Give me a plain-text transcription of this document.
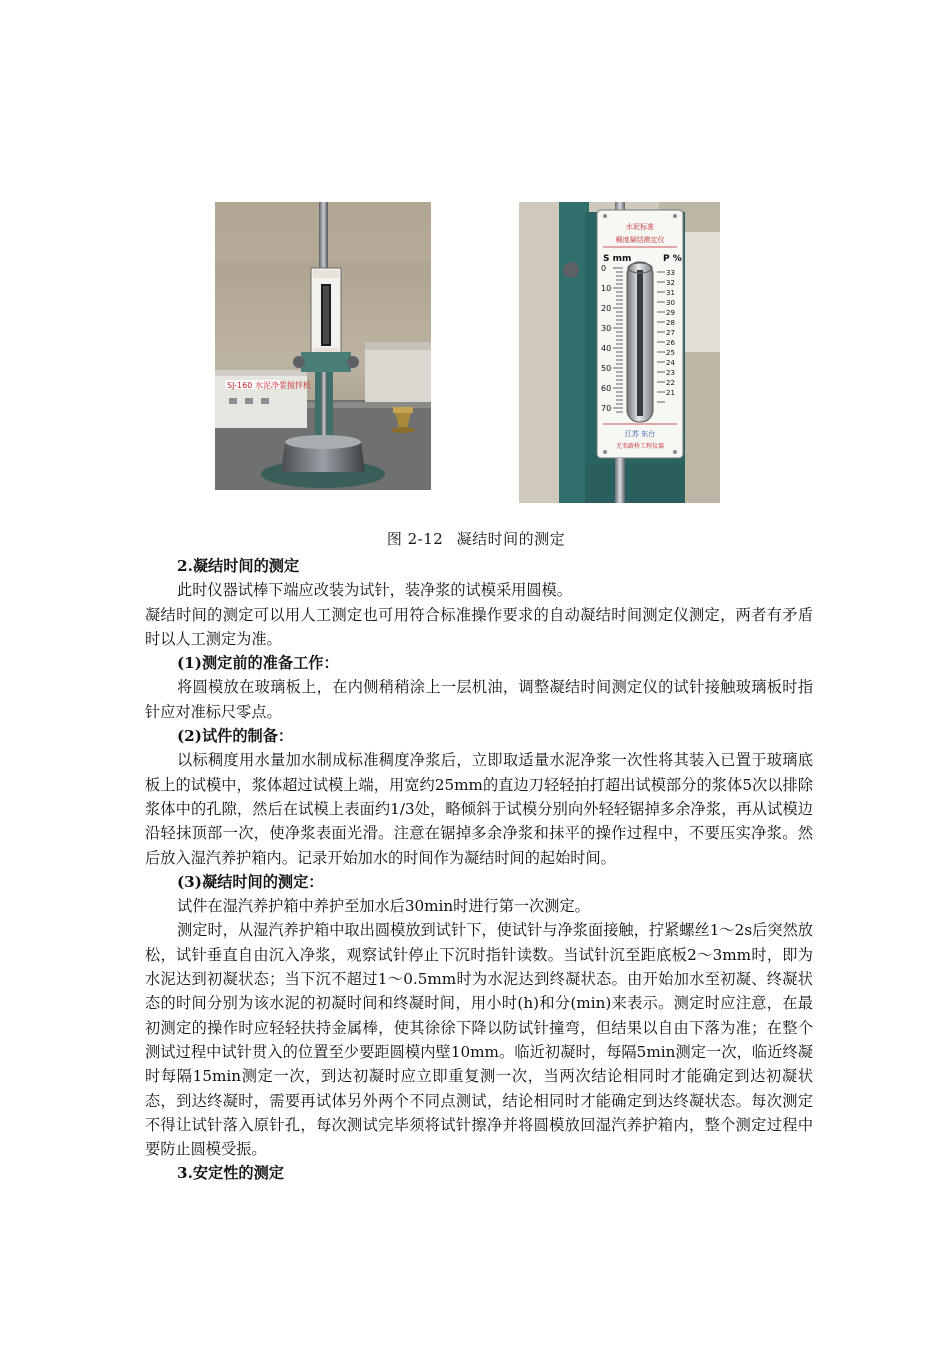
SJ-160 水泥净浆搅拌机
水泥标准
稠度凝结测定仪
S mm	P %
0
10
20
30
40
50
60
70
33
32
31
30
29
28
27
26
25
24
23
22
21
江苏 东台
无名路桥工程仪器
图 2-12 凝结时间的测定

2.凝结时间的测定

此时仪器试棒下端应改装为试针，装净浆的试模采用圆模。

凝结时间的测定可以用人工测定也可用符合标准操作要求的自动凝结时间测定仪测定，两者有矛盾时以人工测定为准。

(1)测定前的准备工作：

将圆模放在玻璃板上，在内侧稍稍涂上一层机油，调整凝结时间测定仪的试针接触玻璃板时指针应对准标尺零点。

(2)试件的制备：

以标稠度用水量加水制成标准稠度净浆后，立即取适量水泥净浆一次性将其装入已置于玻璃底板上的试模中，浆体超过试模上端，用宽约25mm的直边刀轻轻拍打超出试模部分的浆体5次以排除浆体中的孔隙，然后在试模上表面约1/3处，略倾斜于试模分别向外轻轻锯掉多余净浆，再从试模边沿轻抹顶部一次，使净浆表面光滑。注意在锯掉多余净浆和抹平的操作过程中，不要压实净浆。然后放入湿汽养护箱内。记录开始加水的时间作为凝结时间的起始时间。

(3)凝结时间的测定：

试件在湿汽养护箱中养护至加水后30min时进行第一次测定。

测定时，从湿汽养护箱中取出圆模放到试针下，使试针与净浆面接触，拧紧螺丝1～2s后突然放松，试针垂直自由沉入净浆，观察试针停止下沉时指针读数。当试针沉至距底板2～3mm时，即为水泥达到初凝状态；当下沉不超过1～0.5mm时为水泥达到终凝状态。由开始加水至初凝、终凝状态的时间分别为该水泥的初凝时间和终凝时间，用小时(h)和分(min)来表示。测定时应注意，在最初测定的操作时应轻轻扶持金属棒，使其徐徐下降以防试针撞弯，但结果以自由下落为准；在整个测试过程中试针贯入的位置至少要距圆模内壁10mm。临近初凝时，每隔5min测定一次，临近终凝时每隔15min测定一次，到达初凝时应立即重复测一次，当两次结论相同时才能确定到达初凝状态，到达终凝时，需要再试体另外两个不同点测试，结论相同时才能确定到达终凝状态。每次测定不得让试针落入原针孔，每次测试完毕须将试针擦净并将圆模放回湿汽养护箱内，整个测定过程中要防止圆模受振。

3.安定性的测定
